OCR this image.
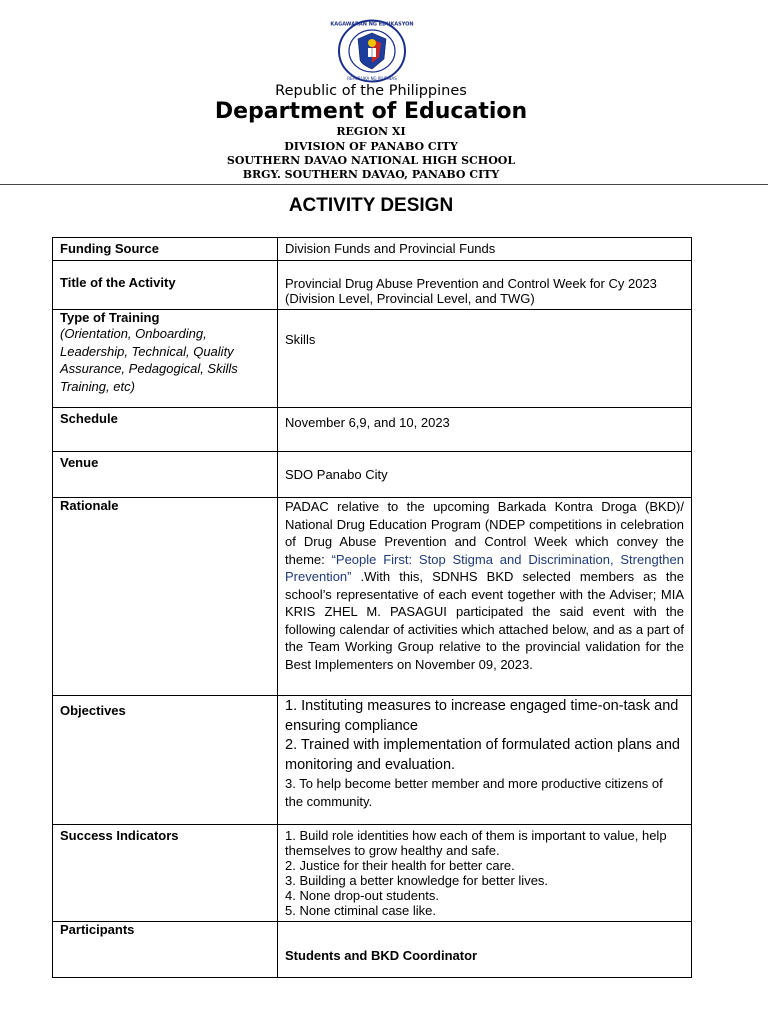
KAGAWARAN NG EDUKASYON
REPUBLIKA NG PILIPINAS
Republic of the Philippines
Department of Education
REGION XI
DIVISION OF PANABO CITY
SOUTHERN DAVAO NATIONAL HIGH SCHOOL
BRGY. SOUTHERN DAVAO, PANABO CITY
ACTIVITY DESIGN
Funding Source	Division Funds and Provincial Funds
Title of the Activity	Provincial Drug Abuse Prevention and Control Week for Cy 2023
(Division Level, Provincial Level, and TWG)

Type of Training
(Orientation, Onboarding, Leadership, Technical, Quality Assurance, Pedagogical, Skills Training, etc)	Skills
Schedule	November 6,9, and 10, 2023
Venue	SDO Panabo City
Rationale	PADAC relative to the upcoming Barkada Kontra Droga (BKD)/ National Drug Education Program (NDEP competitions in celebration of Drug Abuse Prevention and Control Week which convey the theme: “People First: Stop Stigma and Discrimination, Strengthen Prevention” .With this, SDNHS BKD selected members as the school’s representative of each event together with the Adviser; MIA KRIS ZHEL M. PASAGUI participated the said event with the following calendar of activities which attached below, and as a part of the Team Working Group relative to the provincial validation for the Best Implementers on November 09, 2023.
Objectives	1. Instituting measures to increase engaged time-on-task and ensuring compliance
2. Trained with implementation of formulated action plans and monitoring and evaluation.
3. To help become better member and more productive citizens of the community.

Success Indicators	1. Build role identities how each of them is important to value, help themselves to grow healthy and safe.
2. Justice for their health for better care.
3. Building a better knowledge for better lives.
4. None drop-out students.
5. None ctiminal case like.

Participants	Students and BKD Coordinator
